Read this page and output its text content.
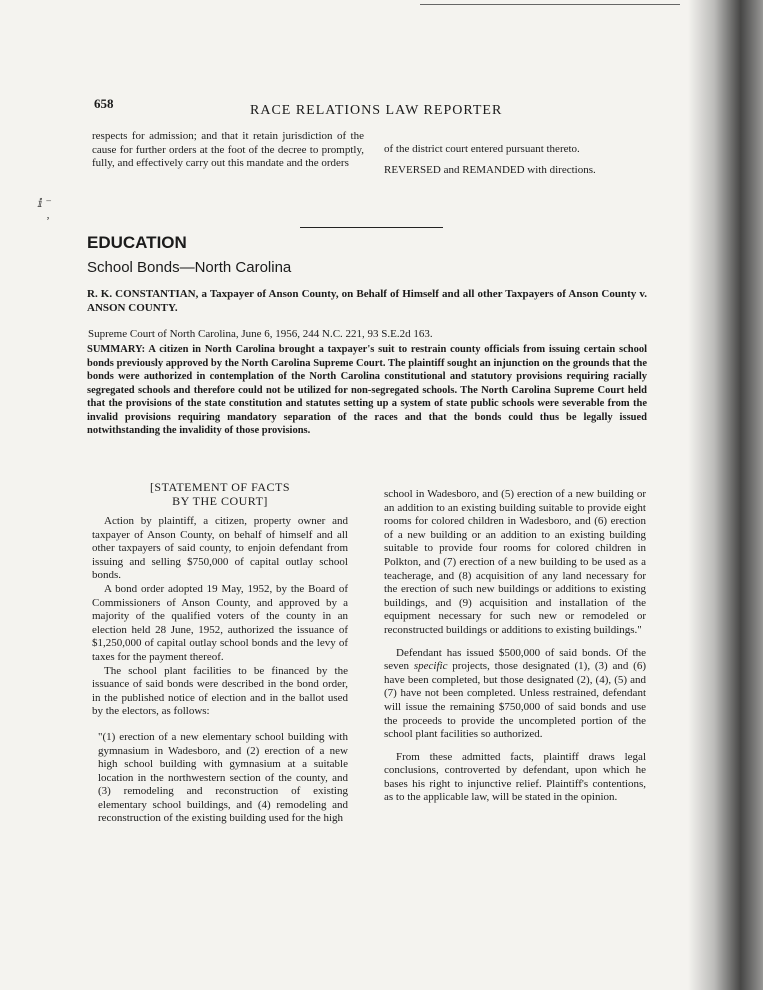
658	RACE RELATIONS LAW REPORTER

respects for admission; and that it retain jurisdiction of the cause for further orders at the foot of the decree to promptly, fully, and effectively carry out this mandate and the orders

of the district court entered pursuant thereto.

REVERSED and REMANDED with directions.

ⅈ ⁻
ʼ
EDUCATION
School Bonds—North Carolina
R. K. CONSTANTIAN, a Taxpayer of Anson County, on Behalf of Himself and all other Taxpayers of Anson County v. ANSON COUNTY.
Supreme Court of North Carolina, June 6, 1956, 244 N.C. 221, 93 S.E.2d 163.
SUMMARY: A citizen in North Carolina brought a taxpayer's suit to restrain county officials from issuing certain school bonds previously approved by the North Carolina Supreme Court. The plaintiff sought an injunction on the grounds that the bonds were authorized in contemplation of the North Carolina constitutional and statutory provisions requiring racially segregated schools and therefore could not be utilized for non-segregated schools. The North Carolina Supreme Court held that the provisions of the state constitution and statutes setting up a system of state public schools were severable from the invalid provisions requiring mandatory separation of the races and that the bonds could thus be legally issued notwithstanding the invalidity of those provisions.
[STATEMENT OF FACTS
BY THE COURT]

Action by plaintiff, a citizen, property owner and taxpayer of Anson County, on behalf of himself and all other taxpayers of said county, to enjoin defendant from issuing and selling $750,000 of capital outlay school bonds.

A bond order adopted 19 May, 1952, by the Board of Commissioners of Anson County, and approved by a majority of the qualified voters of the county in an election held 28 June, 1952, authorized the issuance of $1,250,000 of capital outlay school bonds and the levy of taxes for the payment thereof.

The school plant facilities to be financed by the issuance of said bonds were described in the bond order, in the published notice of election and in the ballot used by the electors, as follows:

"(1) erection of a new elementary school building with gymnasium in Wadesboro, and (2) erection of a new high school building with gymnasium at a suitable location in the northwestern section of the county, and (3) remodeling and reconstruction of existing elementary school buildings, and (4) remodeling and reconstruction of the existing building used for the high

school in Wadesboro, and (5) erection of a new building or an addition to an existing building suitable to provide eight rooms for colored children in Wadesboro, and (6) erection of a new building or an addition to an existing building suitable to provide four rooms for colored children in Polkton, and (7) erection of a new building to be used as a teacherage, and (8) acquisition of any land necessary for the erection of such new buildings or additions to existing buildings, and (9) acquisition and installation of the equipment necessary for such new or remodeled or reconstructed buildings or additions to existing buildings."

Defendant has issued $500,000 of said bonds. Of the seven specific projects, those designated (1), (3) and (6) have been completed, but those designated (2), (4), (5) and (7) have not been completed. Unless restrained, defendant will issue the remaining $750,000 of said bonds and use the proceeds to provide the uncompleted portion of the school plant facilities so authorized.

From these admitted facts, plaintiff draws legal conclusions, controverted by defendant, upon which he bases his right to injunctive relief. Plaintiff's contentions, as to the applicable law, will be stated in the opinion.
